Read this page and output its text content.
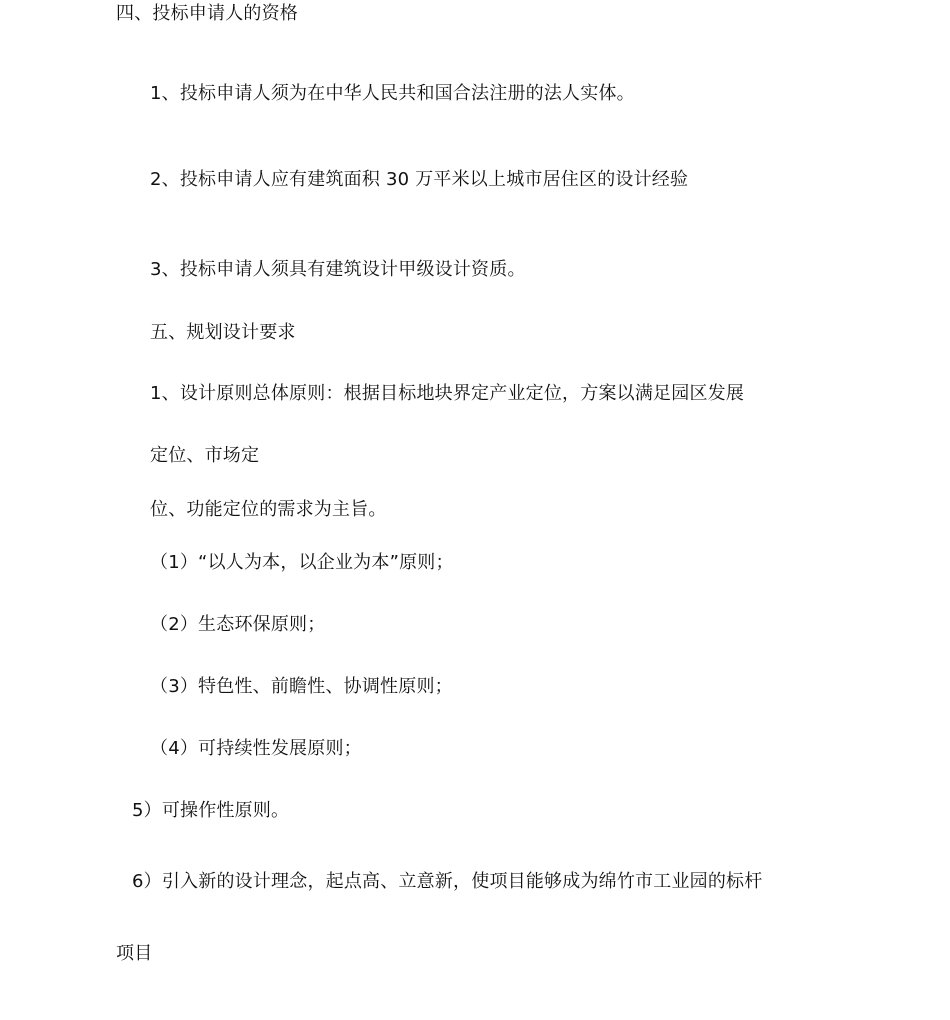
四、投标申请人的资格

1、投标申请人须为在中华人民共和国合法注册的法人实体。

2、投标申请人应有建筑面积 30 万平米以上城市居住区的设计经验

3、投标申请人须具有建筑设计甲级设计资质。

五、规划设计要求

1、设计原则总体原则：根据目标地块界定产业定位，方案以满足园区发展

定位、市场定

位、功能定位的需求为主旨。

（1）“以人为本，以企业为本”原则；

（2）生态环保原则；

（3）特色性、前瞻性、协调性原则；

（4）可持续性发展原则；

5）可操作性原则。

6）引入新的设计理念，起点高、立意新，使项目能够成为绵竹市工业园的标杆

项目
